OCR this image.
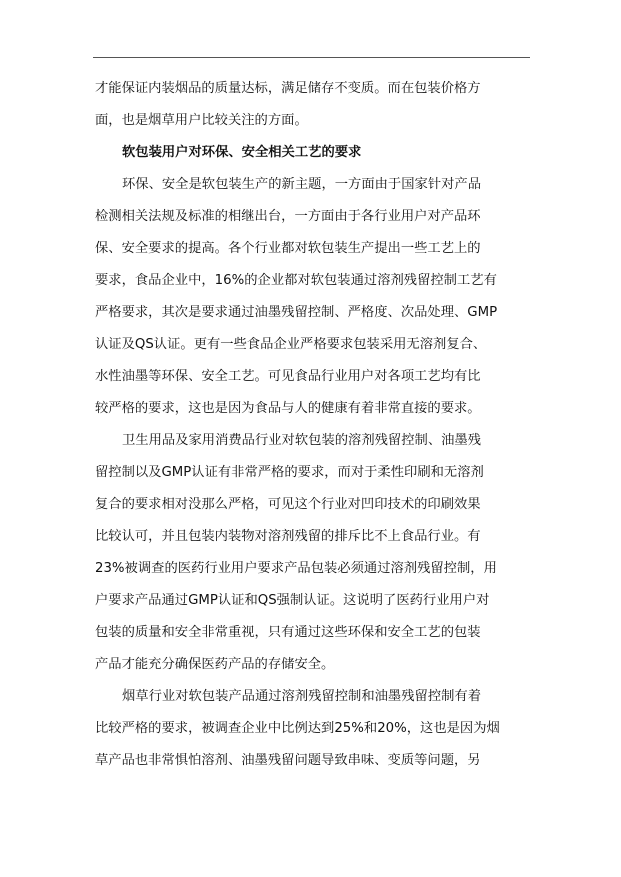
才能保证内装烟品的质量达标，满足储存不变质。而在包装价格方
面，也是烟草用户比较关注的方面。
软包装用户对环保、安全相关工艺的要求
环保、安全是软包装生产的新主题，一方面由于国家针对产品
检测相关法规及标准的相继出台，一方面由于各行业用户对产品环
保、安全要求的提高。各个行业都对软包装生产提出一些工艺上的
要求，食品企业中，16%的企业都对软包装通过溶剂残留控制工艺有
严格要求，其次是要求通过油墨残留控制、严格度、次品处理、GMP
认证及QS认证。更有一些食品企业严格要求包装采用无溶剂复合、
水性油墨等环保、安全工艺。可见食品行业用户对各项工艺均有比
较严格的要求，这也是因为食品与人的健康有着非常直接的要求。
卫生用品及家用消费品行业对软包装的溶剂残留控制、油墨残
留控制以及GMP认证有非常严格的要求，而对于柔性印刷和无溶剂
复合的要求相对没那么严格，可见这个行业对凹印技术的印刷效果
比较认可，并且包装内装物对溶剂残留的排斥比不上食品行业。有
23%被调查的医药行业用户要求产品包装必须通过溶剂残留控制，用
户要求产品通过GMP认证和QS强制认证。这说明了医药行业用户对
包装的质量和安全非常重视，只有通过这些环保和安全工艺的包装
产品才能充分确保医药产品的存储安全。
烟草行业对软包装产品通过溶剂残留控制和油墨残留控制有着
比较严格的要求，被调查企业中比例达到25%和20%，这也是因为烟
草产品也非常惧怕溶剂、油墨残留问题导致串味、变质等问题，另
